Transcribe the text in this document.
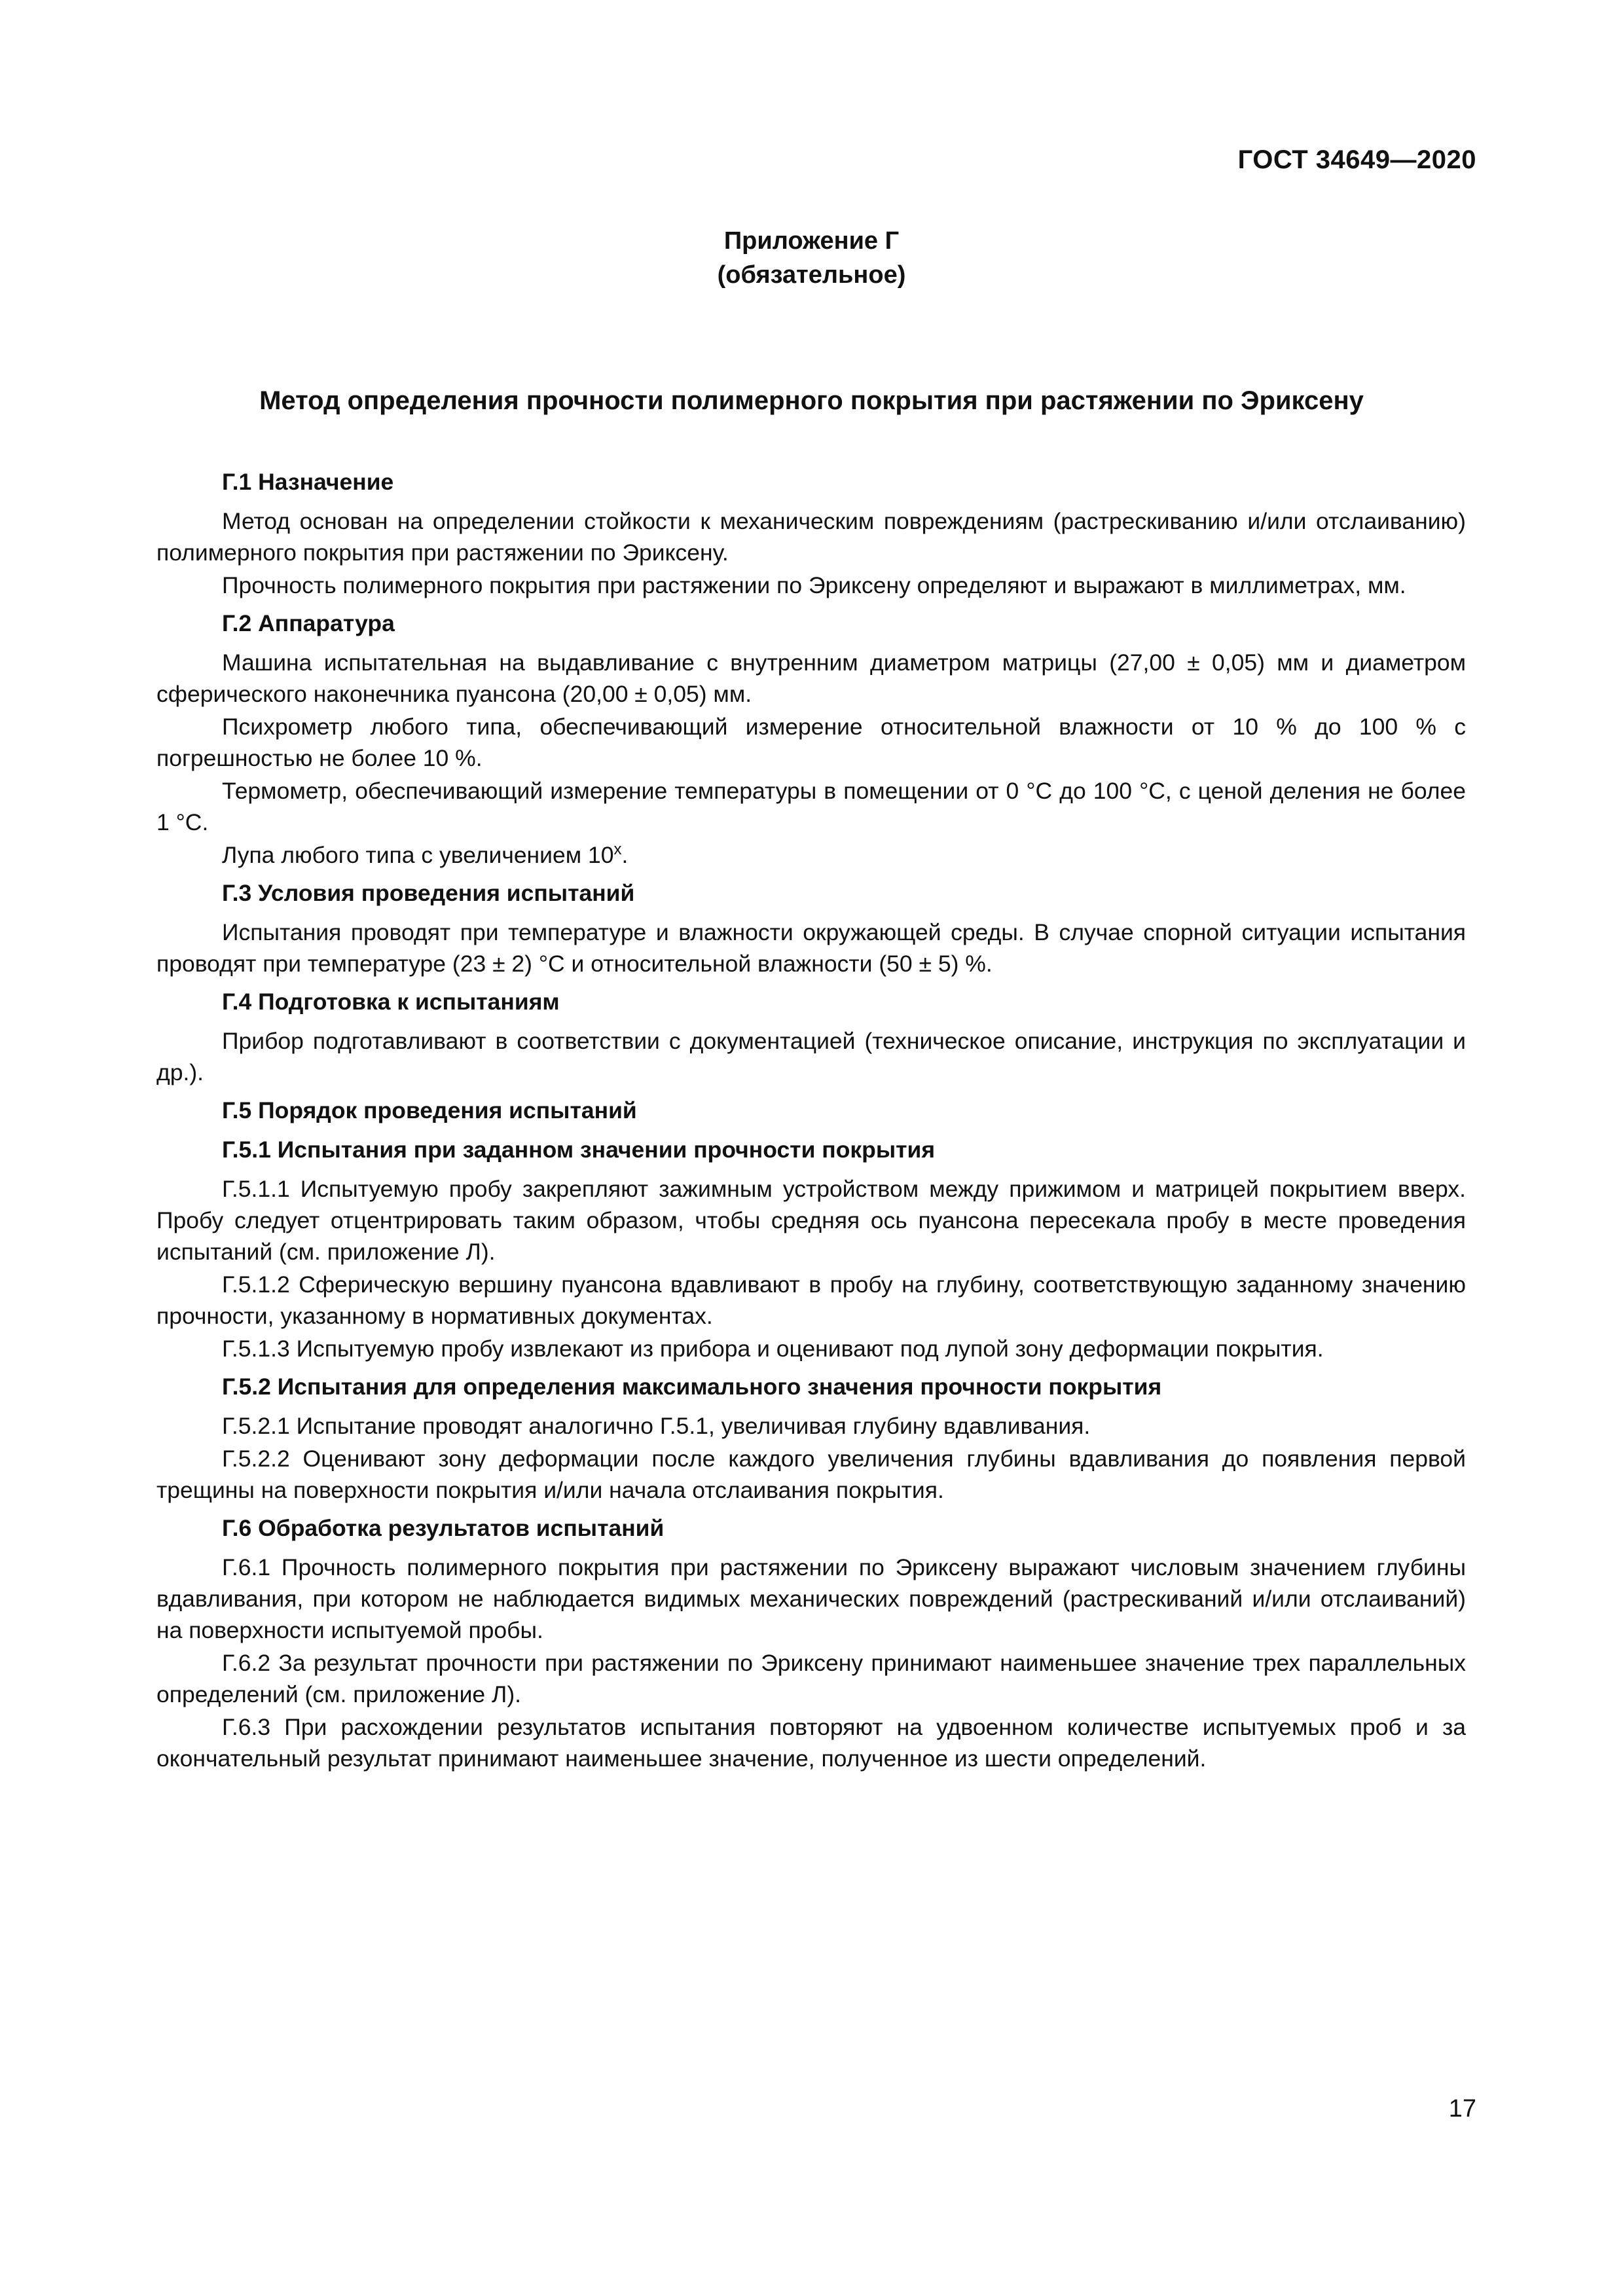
ГОСТ 34649—2020
Приложение Г
(обязательное)
Метод определения прочности полимерного покрытия при растяжении по Эриксену
Г.1 Назначение

Метод основан на определении стойкости к механическим повреждениям (растрескиванию и/или отслаиванию) полимерного покрытия при растяжении по Эриксену.

Прочность полимерного покрытия при растяжении по Эриксену определяют и выражают в миллиметрах, мм.

Г.2 Аппаратура

Машина испытательная на выдавливание с внутренним диаметром матрицы (27,00 ± 0,05) мм и диаметром сферического наконечника пуансона (20,00 ± 0,05) мм.

Психрометр любого типа, обеспечивающий измерение относительной влажности от 10 % до 100 % с погрешностью не более 10 %.

Термометр, обеспечивающий измерение температуры в помещении от 0 °С до 100 °С, с ценой деления не более 1 °С.

Лупа любого типа с увеличением 10$^x$.

Г.3 Условия проведения испытаний

Испытания проводят при температуре и влажности окружающей среды. В случае спорной ситуации испытания проводят при температуре (23 ± 2) °С и относительной влажности (50 ± 5) %.

Г.4 Подготовка к испытаниям

Прибор подготавливают в соответствии с документацией (техническое описание, инструкция по эксплуатации и др.).

Г.5 Порядок проведения испытаний
Г.5.1 Испытания при заданном значении прочности покрытия

Г.5.1.1 Испытуемую пробу закрепляют зажимным устройством между прижимом и матрицей покрытием вверх. Пробу следует отцентрировать таким образом, чтобы средняя ось пуансона пересекала пробу в месте проведения испытаний (см. приложение Л).

Г.5.1.2 Сферическую вершину пуансона вдавливают в пробу на глубину, соответствующую заданному значению прочности, указанному в нормативных документах.

Г.5.1.3 Испытуемую пробу извлекают из прибора и оценивают под лупой зону деформации покрытия.

Г.5.2 Испытания для определения максимального значения прочности покрытия

Г.5.2.1 Испытание проводят аналогично Г.5.1, увеличивая глубину вдавливания.

Г.5.2.2 Оценивают зону деформации после каждого увеличения глубины вдавливания до появления первой трещины на поверхности покрытия и/или начала отслаивания покрытия.

Г.6 Обработка результатов испытаний

Г.6.1 Прочность полимерного покрытия при растяжении по Эриксену выражают числовым значением глубины вдавливания, при котором не наблюдается видимых механических повреждений (растрескиваний и/или отслаиваний) на поверхности испытуемой пробы.

Г.6.2 За результат прочности при растяжении по Эриксену принимают наименьшее значение трех параллельных определений (см. приложение Л).

Г.6.3 При расхождении результатов испытания повторяют на удвоенном количестве испытуемых проб и за окончательный результат принимают наименьшее значение, полученное из шести определений.

17
